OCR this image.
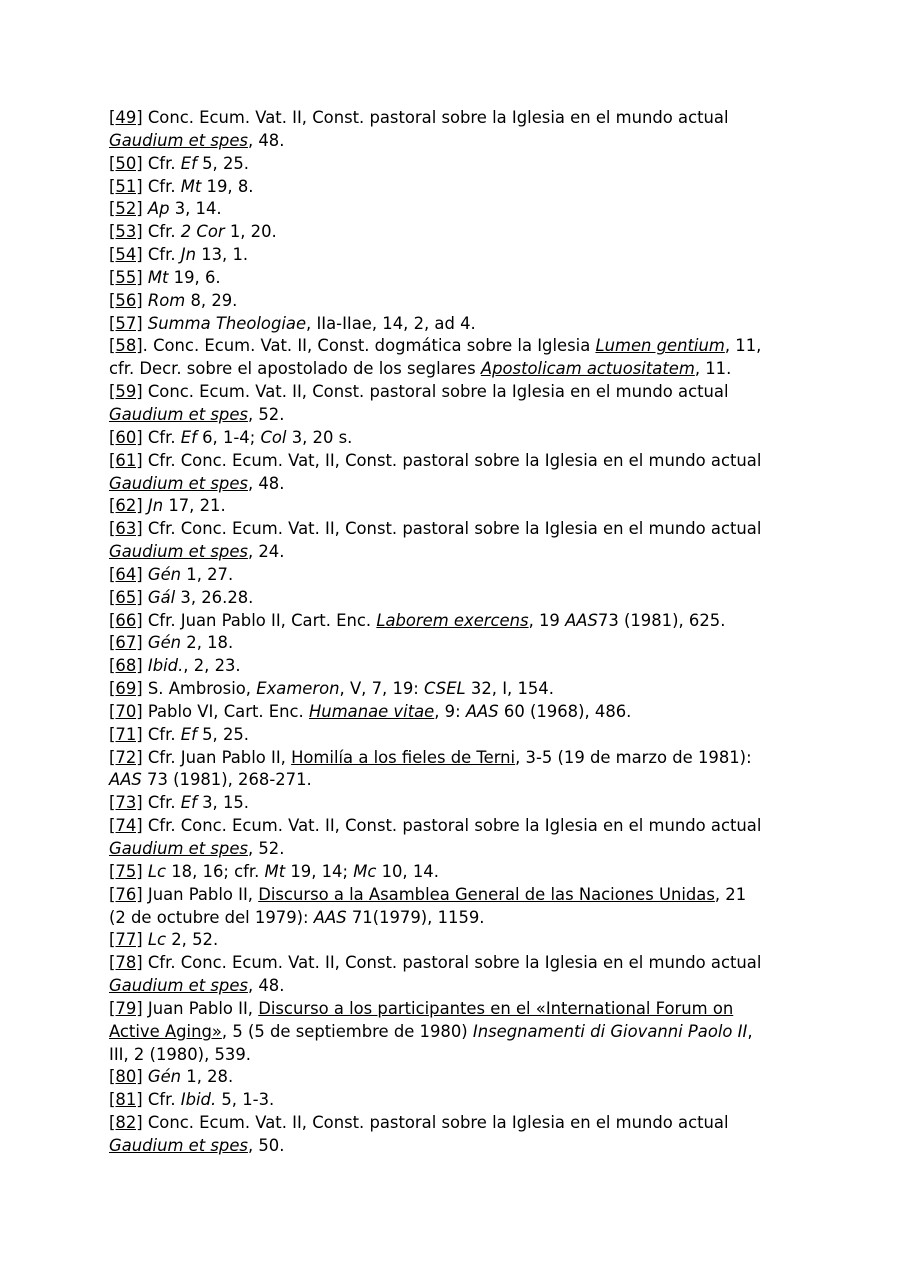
[49] Conc. Ecum. Vat. II, Const. pastoral sobre la Iglesia en el mundo actual

Gaudium et spes, 48.

[50] Cfr. Ef 5, 25.

[51] Cfr. Mt 19, 8.

[52] Ap 3, 14.

[53] Cfr. 2 Cor 1, 20.

[54] Cfr. Jn 13, 1.

[55] Mt 19, 6.

[56] Rom 8, 29.

[57] Summa Theologiae, IIa-IIae, 14, 2, ad 4.

[58]. Conc. Ecum. Vat. II, Const. dogmática sobre la Iglesia Lumen gentium, 11,

cfr. Decr. sobre el apostolado de los seglares Apostolicam actuositatem, 11.

[59] Conc. Ecum. Vat. II, Const. pastoral sobre la Iglesia en el mundo actual

Gaudium et spes, 52.

[60] Cfr. Ef 6, 1-4; Col 3, 20 s.

[61] Cfr. Conc. Ecum. Vat, II, Const. pastoral sobre la Iglesia en el mundo actual

Gaudium et spes, 48.

[62] Jn 17, 21.

[63] Cfr. Conc. Ecum. Vat. II, Const. pastoral sobre la Iglesia en el mundo actual

Gaudium et spes, 24.

[64] Gén 1, 27.

[65] Gál 3, 26.28.

[66] Cfr. Juan Pablo II, Cart. Enc. Laborem exercens, 19 AAS73 (1981), 625.

[67] Gén 2, 18.

[68] Ibid., 2, 23.

[69] S. Ambrosio, Exameron, V, 7, 19: CSEL 32, I, 154.

[70] Pablo VI, Cart. Enc. Humanae vitae, 9: AAS 60 (1968), 486.

[71] Cfr. Ef 5, 25.

[72] Cfr. Juan Pablo II, Homilía a los fieles de Terni, 3-5 (19 de marzo de 1981):

AAS 73 (1981), 268-271.

[73] Cfr. Ef 3, 15.

[74] Cfr. Conc. Ecum. Vat. II, Const. pastoral sobre la Iglesia en el mundo actual

Gaudium et spes, 52.

[75] Lc 18, 16; cfr. Mt 19, 14; Mc 10, 14.

[76] Juan Pablo II, Discurso a la Asamblea General de las Naciones Unidas, 21

(2 de octubre del 1979): AAS 71(1979), 1159.

[77] Lc 2, 52.

[78] Cfr. Conc. Ecum. Vat. II, Const. pastoral sobre la Iglesia en el mundo actual

Gaudium et spes, 48.

[79] Juan Pablo II, Discurso a los participantes en el «International Forum on

Active Aging», 5 (5 de septiembre de 1980) Insegnamenti di Giovanni Paolo II,

III, 2 (1980), 539.

[80] Gén 1, 28.

[81] Cfr. Ibid. 5, 1-3.

[82] Conc. Ecum. Vat. II, Const. pastoral sobre la Iglesia en el mundo actual

Gaudium et spes, 50.
